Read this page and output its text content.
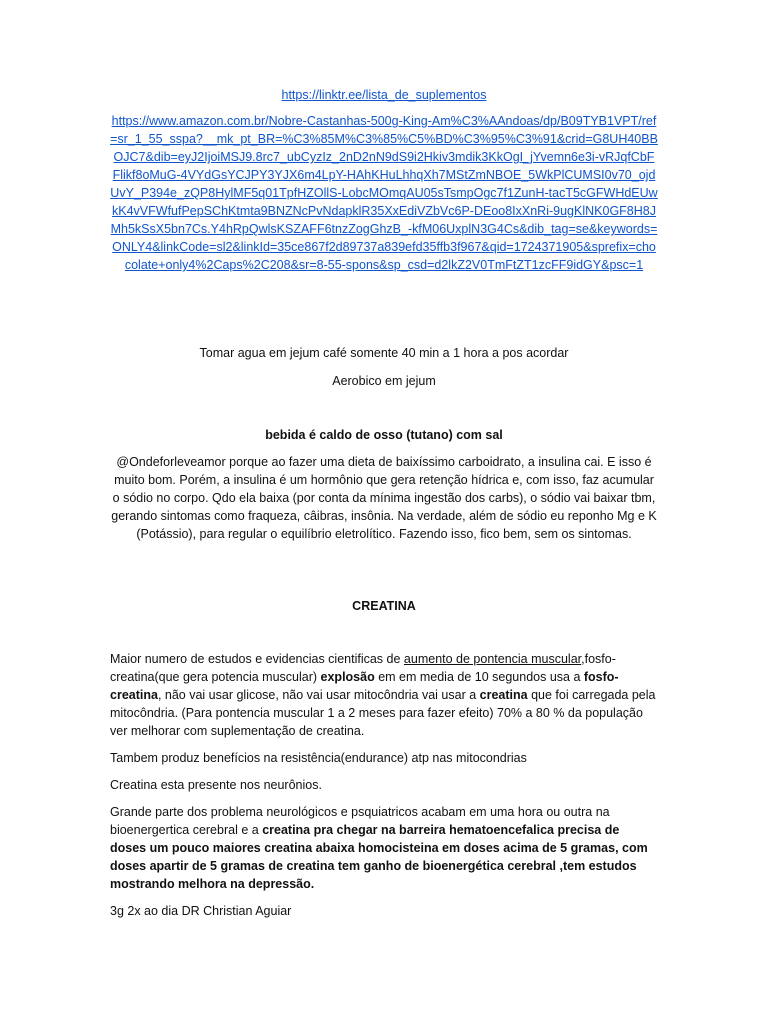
https://linktr.ee/lista_de_suplementos

https://www.amazon.com.br/Nobre-Castanhas-500g-King-Am%C3%AAndoas/dp/B09TYB1VPT/ref=sr_1_55_sspa?__mk_pt_BR=%C3%85M%C3%85%C5%BD%C3%95%C3%91&crid=G8UH40BBOJC7&dib=eyJ2IjoiMSJ9.8rc7_ubCyzIz_2nD2nN9dS9i2Hkiv3mdik3KkOgI_jYvemn6e3i-vRJqfCbFFlikf8oMuG-4VYdGsYCJPY3YJX6m4LpY-HAhKHuLhhqXh7MStZmNBOE_5WkPlCUMSI0v70_ojdUvY_P394e_zQP8HylMF5q01TpfHZOllS-LobcMOmqAU05sTsmpOgc7f1ZunH-tacT5cGFWHdEUwkK4vVFWfufPepSChKtmta9BNZNcPvNdapklR35XxEdiVZbVc6P-DEoo8IxXnRi-9ugKlNK0GF8H8JMh5kSsX5bn7Cs.Y4hRpQwlsKSZAFF6tnzZogGhzB_-kfM06UxplN3G4Cs&dib_tag=se&keywords=ONLY4&linkCode=sl2&linkId=35ce867f2d89737a839efd35ffb3f967&qid=1724371905&sprefix=chocolate+only4%2Caps%2C208&sr=8-55-spons&sp_csd=d2lkZ2V0TmFtZT1zcFF9idGY&psc=1

Tomar agua em jejum café somente 40 min a 1 hora a pos acordar

Aerobico em jejum

bebida é caldo de osso (tutano) com sal

@Ondeforleveamor porque ao fazer uma dieta de baixíssimo carboidrato, a insulina cai. E isso é muito bom. Porém, a insulina é um hormônio que gera retenção hídrica e, com isso, faz acumular o sódio no corpo. Qdo ela baixa (por conta da mínima ingestão dos carbs), o sódio vai baixar tbm, gerando sintomas como fraqueza, câibras, insônia. Na verdade, além de sódio eu reponho Mg e K (Potássio), para regular o equilíbrio eletrolítico. Fazendo isso, fico bem, sem os sintomas.

CREATINA

Maior numero de estudos e evidencias cientificas de aumento de pontencia muscular,fosfo-creatina(que gera potencia muscular) explosão em em media de 10 segundos usa a fosfo-creatina, não vai usar glicose, não vai usar mitocôndria vai usar a creatina que foi carregada pela mitocôndria. (Para pontencia muscular 1 a 2 meses para fazer efeito) 70% a 80 % da população ver melhorar com suplementação de creatina.

Tambem produz benefícios na resistência(endurance) atp nas mitocondrias

Creatina esta presente nos neurônios.

Grande parte dos problema neurológicos e psquiatricos acabam em uma hora ou outra na bioenergertica cerebral e a creatina pra chegar na barreira hematoencefalica precisa de doses um pouco maiores creatina abaixa homocisteina em doses acima de 5 gramas, com doses apartir de 5 gramas de creatina tem ganho de bioenergética cerebral ,tem estudos mostrando melhora na depressão.

3g 2x ao dia DR Christian Aguiar
